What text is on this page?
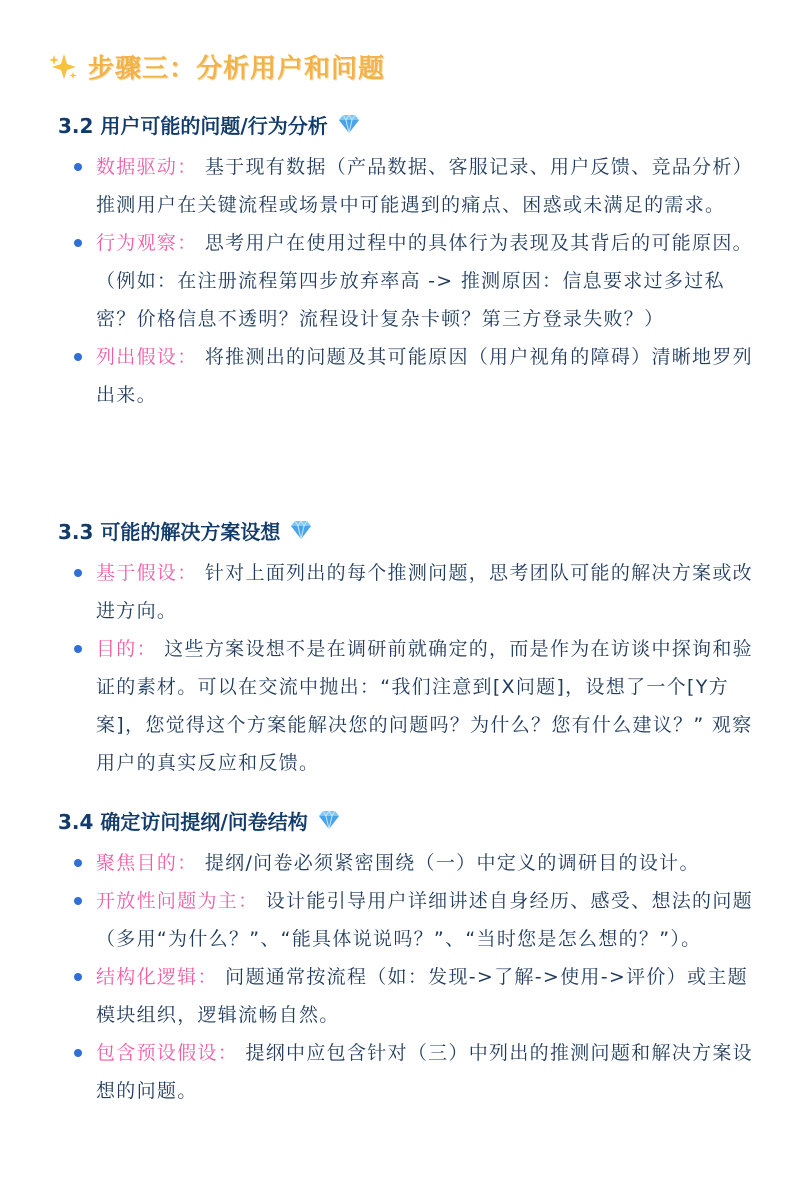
步骤三：分析用户和问题
3.2 用户可能的问题/行为分析
数据驱动： 基于现有数据（产品数据、客服记录、用户反馈、竞品分析）推测用户在关键流程或场景中可能遇到的痛点、困惑或未满足的需求。
行为观察： 思考用户在使用过程中的具体行为表现及其背后的可能原因。（例如：在注册流程第四步放弃率高 -> 推测原因：信息要求过多过私密？价格信息不透明？流程设计复杂卡顿？第三方登录失败？）
列出假设： 将推测出的问题及其可能原因（用户视角的障碍）清晰地罗列出来。
3.3 可能的解决方案设想
基于假设： 针对上面列出的每个推测问题，思考团队可能的解决方案或改进方向。
目的： 这些方案设想不是在调研前就确定的，而是作为在访谈中探询和验证的素材。可以在交流中抛出：“我们注意到[X问题]，设想了一个[Y方案]，您觉得这个方案能解决您的问题吗？为什么？您有什么建议？” 观察用户的真实反应和反馈。
3.4 确定访问提纲/问卷结构
聚焦目的： 提纲/问卷必须紧密围绕（一）中定义的调研目的设计。
开放性问题为主： 设计能引导用户详细讲述自身经历、感受、想法的问题（多用“为什么？”、“能具体说说吗？”、“当时您是怎么想的？”）。
结构化逻辑： 问题通常按流程（如：发现->了解->使用->评价）或主题模块组织，逻辑流畅自然。
包含预设假设： 提纲中应包含针对（三）中列出的推测问题和解决方案设想的问题。
